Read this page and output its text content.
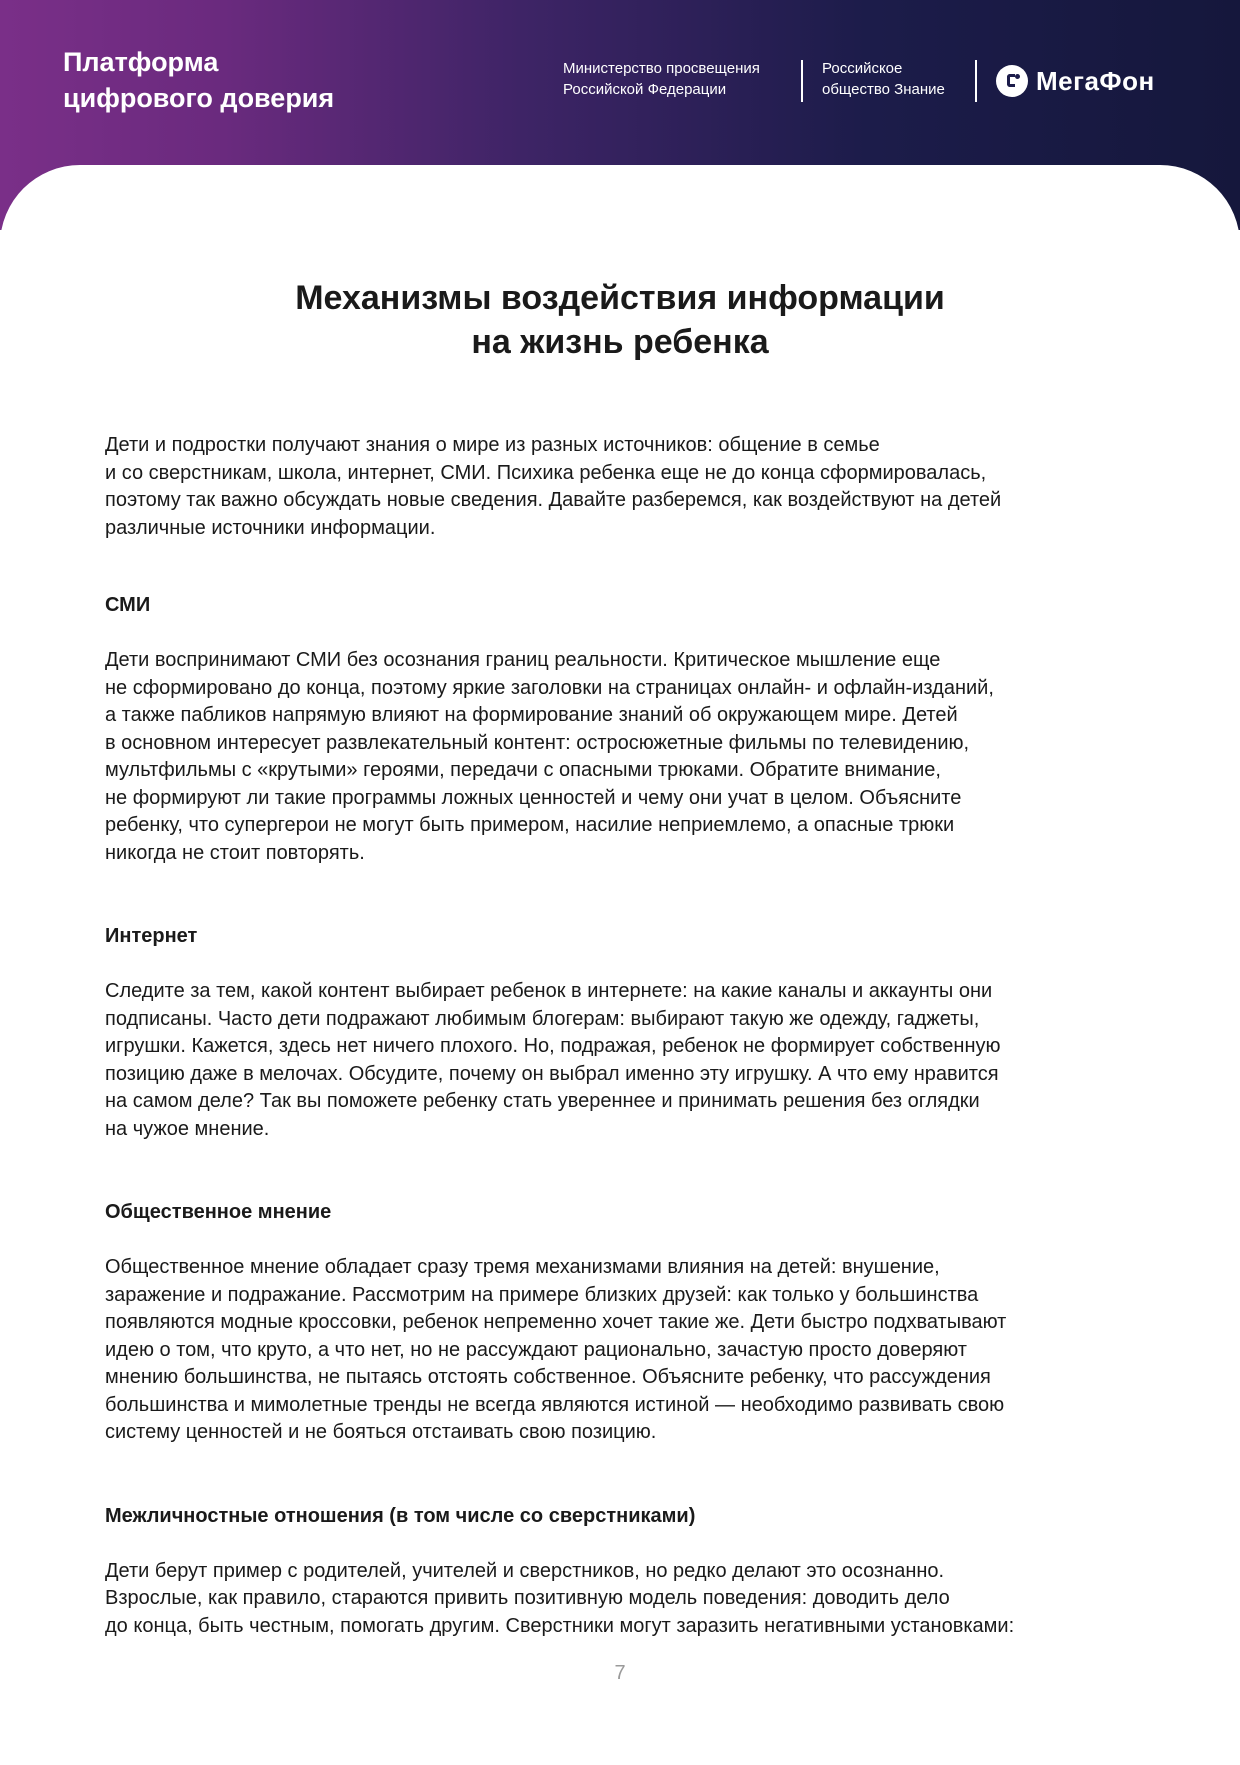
Платформа
цифрового доверия
Министерство просвещения
Российской Федерации
Российское
общество Знание	МегаФон
Механизмы воздействия информации
на жизнь ребенка

Дети и подростки получают знания о мире из разных источников: общение в семье
и со сверстникам, школа, интернет, СМИ. Психика ребенка еще не до конца сформировалась,
поэтому так важно обсуждать новые сведения. Давайте разберемся, как воздействуют на детей
различные источники информации.

СМИ

Дети воспринимают СМИ без осознания границ реальности. Критическое мышление еще
не сформировано до конца, поэтому яркие заголовки на страницах онлайн- и офлайн-изданий,
а также пабликов напрямую влияют на формирование знаний об окружающем мире. Детей
в основном интересует развлекательный контент: остросюжетные фильмы по телевидению,
мультфильмы с «крутыми» героями, передачи с опасными трюками. Обратите внимание,
не формируют ли такие программы ложных ценностей и чему они учат в целом. Объясните
ребенку, что супергерои не могут быть примером, насилие неприемлемо, а опасные трюки
никогда не стоит повторять.

Интернет

Следите за тем, какой контент выбирает ребенок в интернете: на какие каналы и аккаунты они
подписаны. Часто дети подражают любимым блогерам: выбирают такую же одежду, гаджеты,
игрушки. Кажется, здесь нет ничего плохого. Но, подражая, ребенок не формирует собственную
позицию даже в мелочах. Обсудите, почему он выбрал именно эту игрушку. А что ему нравится
на самом деле? Так вы поможете ребенку стать увереннее и принимать решения без оглядки
на чужое мнение.

Общественное мнение

Общественное мнение обладает сразу тремя механизмами влияния на детей: внушение,
заражение и подражание. Рассмотрим на примере близких друзей: как только у большинства
появляются модные кроссовки, ребенок непременно хочет такие же. Дети быстро подхватывают
идею о том, что круто, а что нет, но не рассуждают рационально, зачастую просто доверяют
мнению большинства, не пытаясь отстоять собственное. Объясните ребенку, что рассуждения
большинства и мимолетные тренды не всегда являются истиной — необходимо развивать свою
систему ценностей и не бояться отстаивать свою позицию.

Межличностные отношения (в том числе со сверстниками)

Дети берут пример с родителей, учителей и сверстников, но редко делают это осознанно.
Взрослые, как правило, стараются привить позитивную модель поведения: доводить дело
до конца, быть честным, помогать другим. Сверстники могут заразить негативными установками:

7
